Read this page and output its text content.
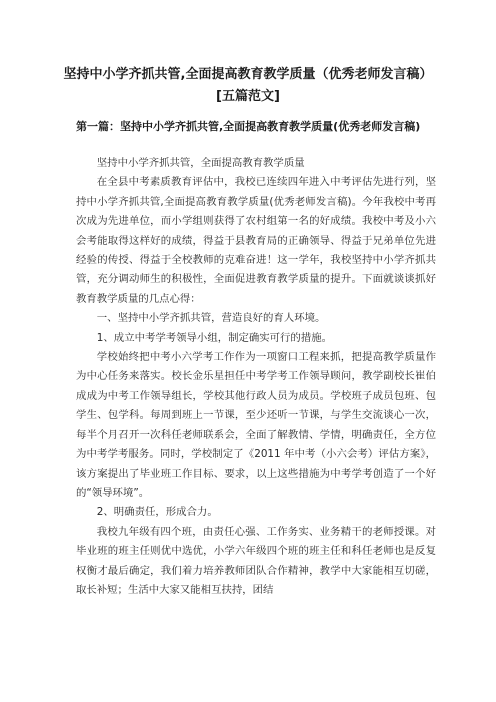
坚持中小学齐抓共管,全面提高教育教学质量（优秀老师发言稿）[五篇范文]
第一篇：坚持中小学齐抓共管,全面提高教育教学质量(优秀老师发言稿)

坚持中小学齐抓共管，全面提高教育教学质量

在全县中考素质教育评估中，我校已连续四年进入中考评估先进行列，坚持中小学齐抓共管,全面提高教育教学质量(优秀老师发言稿)。今年我校中考再次成为先进单位，而小学组则获得了农村组第一名的好成绩。我校中考及小六会考能取得这样好的成绩，得益于县教育局的正确领导、得益于兄弟单位先进经验的传授、得益于全校教师的克难奋进！这一学年，我校坚持中小学齐抓共管，充分调动师生的积极性，全面促进教育教学质量的提升。下面就谈谈抓好教育教学质量的几点心得：

一、坚持中小学齐抓共管，营造良好的育人环境。

1、成立中考学考领导小组，制定确实可行的措施。

学校始终把中考小六学考工作作为一项窗口工程来抓，把提高教学质量作为中心任务来落实。校长金乐星担任中考学考工作领导顾问，教学副校长崔伯成成为中考工作领导组长，学校其他行政人员为成员。学校班子成员包班、包学生、包学科。每周到班上一节课，至少还听一节课，与学生交流谈心一次，每半个月召开一次科任老师联系会，全面了解教情、学情，明确责任，全方位为中考学考服务。同时，学校制定了《2011 年中考（小六会考）评估方案》，该方案提出了毕业班工作目标、要求，以上这些措施为中考学考创造了一个好的“领导环境”。

2、明确责任，形成合力。

我校九年级有四个班，由责任心强、工作务实、业务精干的老师授课。对毕业班的班主任则优中选优，小学六年级四个班的班主任和科任老师也是反复权衡才最后确定，我们着力培养教师团队合作精神，教学中大家能相互切磋，取长补短；生活中大家又能相互扶持，团结
